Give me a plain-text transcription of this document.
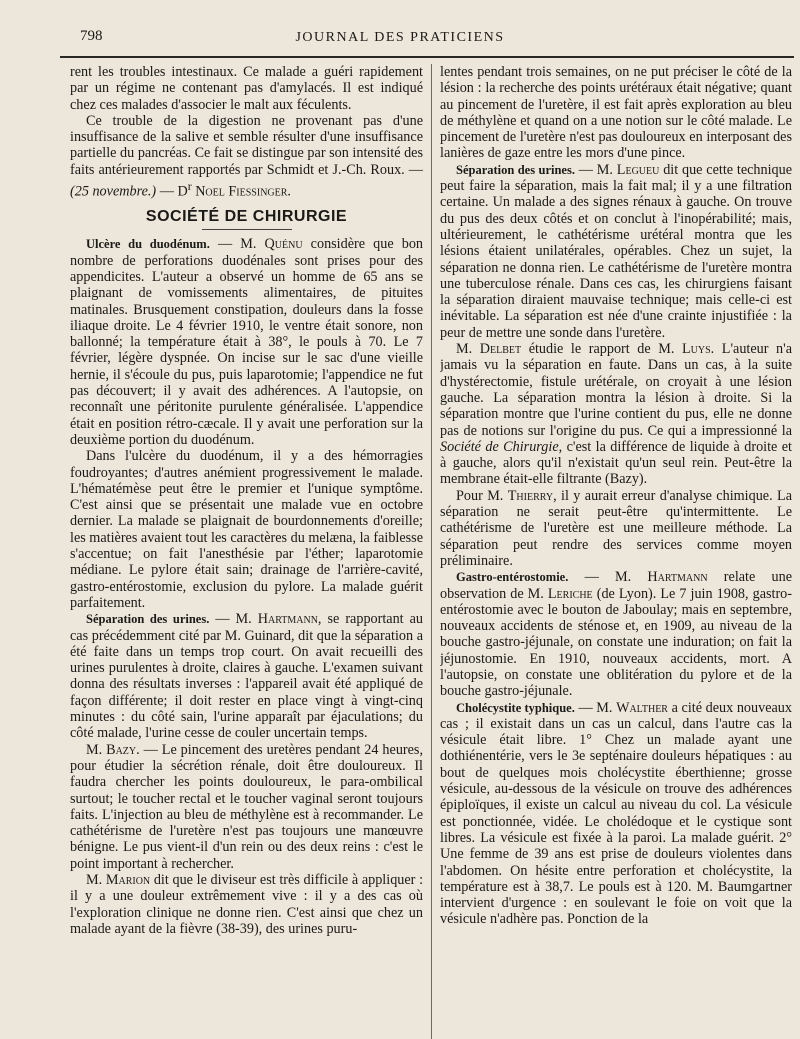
798	JOURNAL DES PRATICIENS

rent les troubles intestinaux. Ce malade a guéri rapidement par un régime ne contenant pas d'amylacés. Il est indiqué chez ces malades d'associer le malt aux féculents.

Ce trouble de la digestion ne provenant pas d'une insuffisance de la salive et semble résulter d'une insuffisance partielle du pancréas. Ce fait se distingue par son intensité des faits antérieurement rapportés par Schmidt et J.-Ch. Roux. — (25 novembre.) — $D^r$ Noel Fiessinger.

SOCIÉTÉ DE CHIRURGIE

Ulcère du duodénum. — M. Quénu considère que bon nombre de perforations duodénales sont prises pour des appendicites. L'auteur a observé un homme de 65 ans se plaignant de vomissements alimentaires, de pituites matinales. Brusquement constipation, douleurs dans la fosse iliaque droite. Le 4 février 1910, le ventre était sonore, non ballonné; la température était à 38°, le pouls à 70. Le 7 février, légère dyspnée. On incise sur le sac d'une vieille hernie, il s'écoule du pus, puis laparotomie; l'appendice ne fut pas découvert; il y avait des adhérences. A l'autopsie, on reconnaît une péritonite purulente généralisée. L'appendice était en position rétro-cæcale. Il y avait une perforation sur la deuxième portion du duodénum.

Dans l'ulcère du duodénum, il y a des hémorragies foudroyantes; d'autres anémient progressivement le malade. L'hématémèse peut être le premier et l'unique symptôme. C'est ainsi que se présentait une malade vue en octobre dernier. La malade se plaignait de bourdonnements d'oreille; les matières avaient tout les caractères du melæna, la faiblesse s'accentue; on fait l'anesthésie par l'éther; laparotomie médiane. Le pylore était sain; drainage de l'arrière-cavité, gastro-entérostomie, exclusion du pylore. La malade guérit parfaitement.

Séparation des urines. — M. Hartmann, se rapportant au cas précédemment cité par M. Guinard, dit que la séparation a été faite dans un temps trop court. On avait recueilli des urines purulentes à droite, claires à gauche. L'examen suivant donna des résultats inverses : l'appareil avait été appliqué de façon différente; il doit rester en place vingt à vingt-cinq minutes : du côté sain, l'urine apparaît par éjaculations; du côté malade, l'urine cesse de couler uncertain temps.

M. Bazy. — Le pincement des uretères pendant 24 heures, pour étudier la sécrétion rénale, doit être douloureux. Il faudra chercher les points douloureux, le para-ombilical surtout; le toucher rectal et le toucher vaginal seront toujours faits. L'injection au bleu de méthylène est à recommander. Le cathétérisme de l'uretère n'est pas toujours une manœuvre bénigne. Le pus vient-il d'un rein ou des deux reins : c'est le point important à rechercher.

M. Marion dit que le diviseur est très difficile à appliquer : il y a une douleur extrêmement vive : il y a des cas où l'exploration clinique ne donne rien. C'est ainsi que chez un malade ayant de la fièvre (38-39), des urines puru-

lentes pendant trois semaines, on ne put préciser le côté de la lésion : la recherche des points urétéraux était négative; quant au pincement de l'uretère, il est fait après exploration au bleu de méthylène et quand on a une notion sur le côté malade. Le pincement de l'uretère n'est pas douloureux en interposant des lanières de gaze entre les mors d'une pince.

Séparation des urines. — M. Legueu dit que cette technique peut faire la séparation, mais la fait mal; il y a une filtration certaine. Un malade a des signes rénaux à gauche. On trouve du pus des deux côtés et on conclut à l'inopérabilité; mais, ultérieurement, le cathétérisme urétéral montra que les lésions étaient unilatérales, opérables. Chez un sujet, la séparation ne donna rien. Le cathétérisme de l'uretère montra une tuberculose rénale. Dans ces cas, les chirurgiens faisant la séparation diraient mauvaise technique; mais celle-ci est inévitable. La séparation est née d'une crainte injustifiée : la peur de mettre une sonde dans l'uretère.

M. Delbet étudie le rapport de M. Luys. L'auteur n'a jamais vu la séparation en faute. Dans un cas, à la suite d'hystérectomie, fistule urétérale, on croyait à une lésion gauche. La séparation montra la lésion à droite. Si la séparation montre que l'urine contient du pus, elle ne donne pas de notions sur l'origine du pus. Ce qui a impressionné la Société de Chirurgie, c'est la différence de liquide à droite et à gauche, alors qu'il n'existait qu'un seul rein. Peut-être la membrane était-elle filtrante (Bazy).

Pour M. Thierry, il y aurait erreur d'analyse chimique. La séparation ne serait peut-être qu'intermittente. Le cathétérisme de l'uretère est une meilleure méthode. La séparation peut rendre des services comme moyen préliminaire.

Gastro-entérostomie. — M. Hartmann relate une observation de M. Leriche (de Lyon). Le 7 juin 1908, gastro-entérostomie avec le bouton de Jaboulay; mais en septembre, nouveaux accidents de sténose et, en 1909, au niveau de la bouche gastro-jéjunale, on constate une induration; on fait la jéjunostomie. En 1910, nouveaux accidents, mort. A l'autopsie, on constate une oblitération du pylore et de la bouche gastro-jéjunale.

Cholécystite typhique. — M. Walther a cité deux nouveaux cas ; il existait dans un cas un calcul, dans l'autre cas la vésicule était libre. 1° Chez un malade ayant une dothiénentérie, vers le 3e septénaire douleurs hépatiques : au bout de quelques mois cholécystite éberthienne; grosse vésicule, au-dessous de la vésicule on trouve des adhérences épiploïques, il existe un calcul au niveau du col. La vésicule est ponctionnée, vidée. Le cholédoque et le cystique sont libres. La vésicule est fixée à la paroi. La malade guérit. 2° Une femme de 39 ans est prise de douleurs violentes dans l'abdomen. On hésite entre perforation et cholécystite, la température est à 38,7. Le pouls est à 120. M. Baumgartner intervient d'urgence : en soulevant le foie on voit que la vésicule n'adhère pas. Ponction de la
